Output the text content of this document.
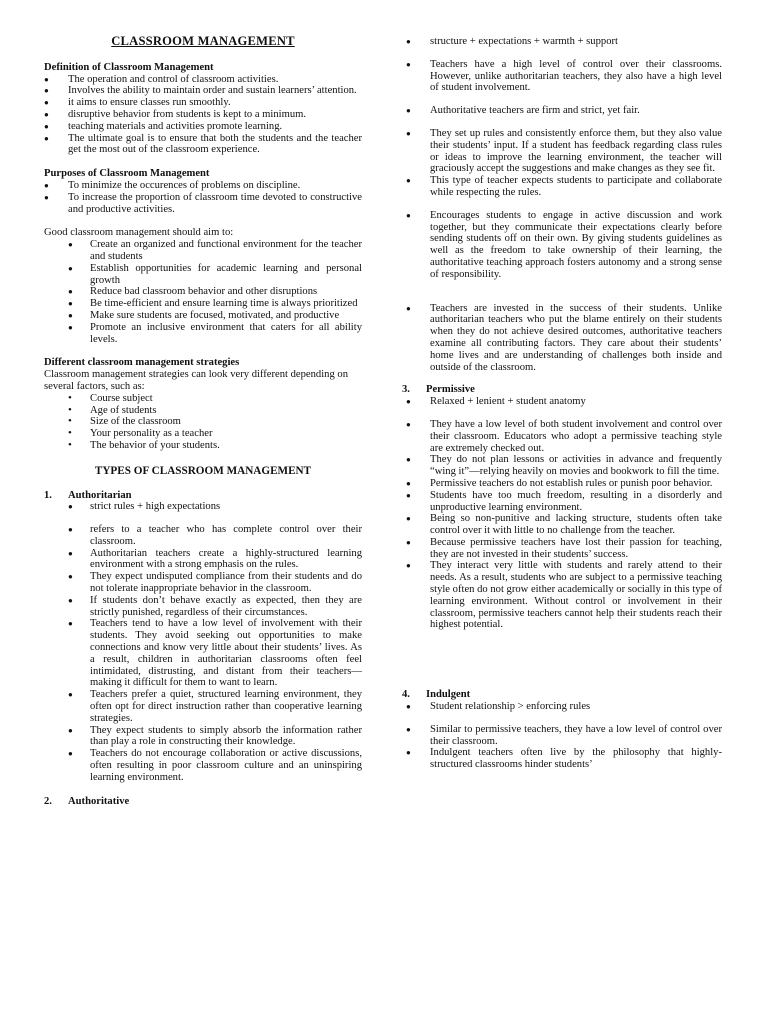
CLASSROOM MANAGEMENT
Definition of Classroom Management
● The operation and control of classroom activities.
● Involves the ability to maintain order and sustain learners’ attention.
● it aims to ensure classes run smoothly.
● disruptive behavior from students is kept to a minimum.
● teaching materials and activities promote learning.
● The ultimate goal is to ensure that both the students and the teacher get the most out of the classroom experience.
Purposes of Classroom Management
● To minimize the occurences of problems on discipline.
● To increase the proportion of classroom time devoted to constructive and productive activities.

Good classroom management should aim to:

● Create an organized and functional environment for the teacher and students
● Establish opportunities for academic learning and personal growth
● Reduce bad classroom behavior and other disruptions
● Be time-efficient and ensure learning time is always prioritized
● Make sure students are focused, motivated, and productive
● Promote an inclusive environment that caters for all ability levels.
Different classroom management strategies

Classroom management strategies can look very different depending on several factors, such as:

• Course subject
• Age of students
• Size of the classroom
• Your personality as a teacher
• The behavior of your students.
TYPES OF CLASSROOM MANAGEMENT
1.	Authoritarian
● strict rules + high expectations
● refers to a teacher who has complete control over their classroom.
● Authoritarian teachers create a highly-structured learning environment with a strong emphasis on the rules.
● They expect undisputed compliance from their students and do not tolerate inappropriate behavior in the classroom.
● If students don’t behave exactly as expected, then they are strictly punished, regardless of their circumstances.
● Teachers tend to have a low level of involvement with their students. They avoid seeking out opportunities to make connections and know very little about their students’ lives. As a result, children in authoritarian classrooms often feel intimidated, distrusting, and distant from their teachers—making it difficult for them to want to learn.
● Teachers prefer a quiet, structured learning environment, they often opt for direct instruction rather than cooperative learning strategies.
● They expect students to simply absorb the information rather than play a role in constructing their knowledge.
● Teachers do not encourage collaboration or active discussions, often resulting in poor classroom culture and an uninspiring learning environment.
2.	Authoritative
● structure + expectations + warmth + support
● Teachers have a high level of control over their classrooms. However, unlike authoritarian teachers, they also have a high level of student involvement.
● Authoritative teachers are firm and strict, yet fair.
● They set up rules and consistently enforce them, but they also value their students’ input. If a student has feedback regarding class rules or ideas to improve the learning environment, the teacher will graciously accept the suggestions and make changes as they see fit.
● This type of teacher expects students to participate and collaborate while respecting the rules.
● Encourages students to engage in active discussion and work together, but they communicate their expectations clearly before sending students off on their own. By giving students guidelines as well as the freedom to take ownership of their learning, the authoritative teaching approach fosters autonomy and a strong sense of responsibility.
● Teachers are invested in the success of their students. Unlike authoritarian teachers who put the blame entirely on their students when they do not achieve desired outcomes, authoritative teachers examine all contributing factors. They care about their students’ home lives and are understanding of challenges both inside and outside of the classroom.
3.	Permissive
● Relaxed + lenient + student anatomy
● They have a low level of both student involvement and control over their classroom. Educators who adopt a permissive teaching style are extremely checked out.
● They do not plan lessons or activities in advance and frequently “wing it”—relying heavily on movies and bookwork to fill the time.
● Permissive teachers do not establish rules or punish poor behavior.
● Students have too much freedom, resulting in a disorderly and unproductive learning environment.
● Being so non-punitive and lacking structure, students often take control over it with little to no challenge from the teacher.
● Because permissive teachers have lost their passion for teaching, they are not invested in their students’ success.
● They interact very little with students and rarely attend to their needs. As a result, students who are subject to a permissive teaching style often do not grow either academically or socially in this type of learning environment. Without control or involvement in their classroom, permissive teachers cannot help their students reach their highest potential.
4.	Indulgent
● Student relationship > enforcing rules
● Similar to permissive teachers, they have a low level of control over their classroom.
● Indulgent teachers often live by the philosophy that highly-structured classrooms hinder students’
